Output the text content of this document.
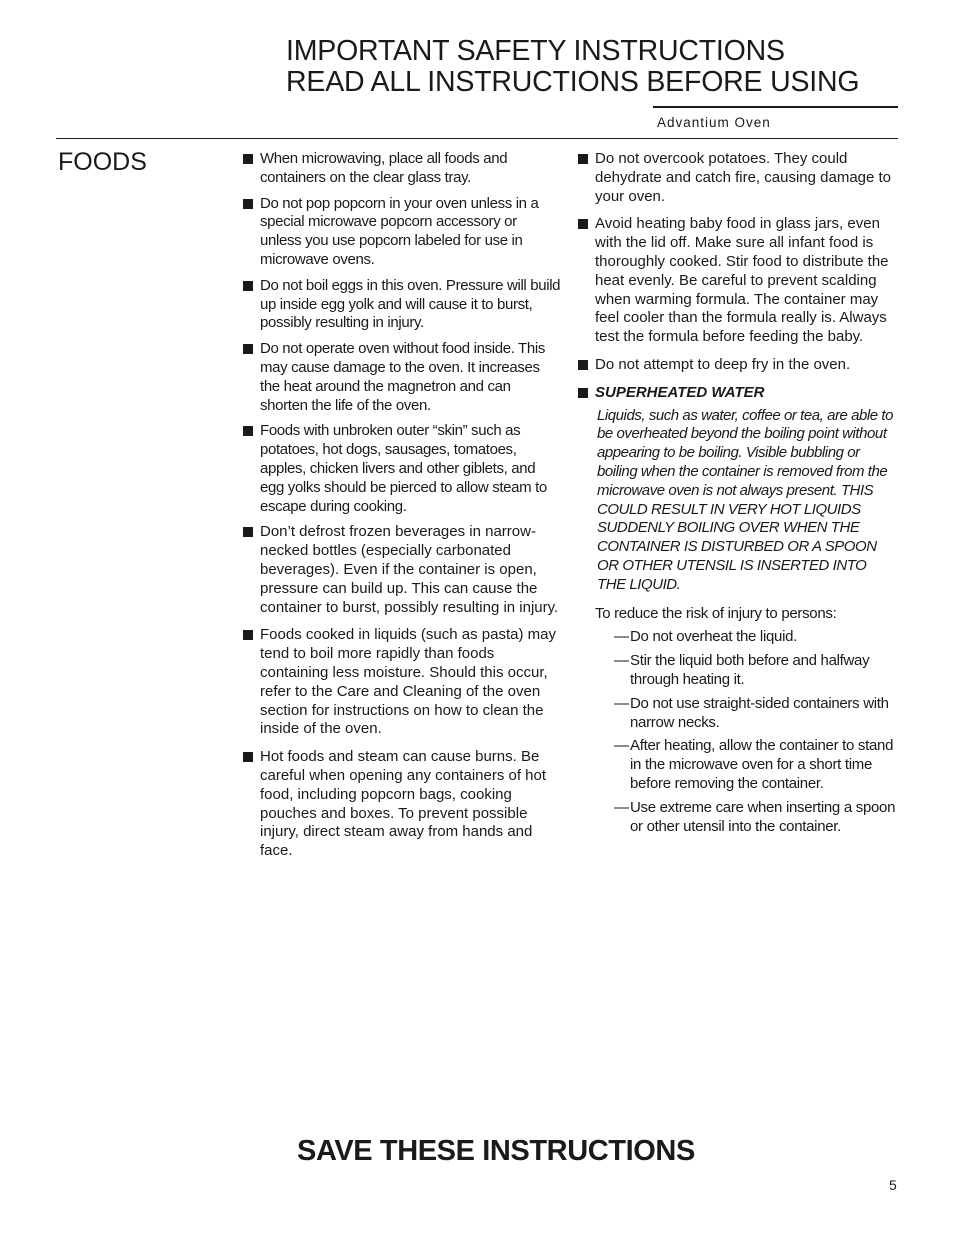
IMPORTANT SAFETY INSTRUCTIONS
READ ALL INSTRUCTIONS BEFORE USING
Advantium Oven
FOODS	When microwaving, place all foods and containers on the clear glass tray.
Do not pop popcorn in your oven unless in a special microwave popcorn accessory or unless you use popcorn labeled for use in microwave ovens.
Do not boil eggs in this oven. Pressure will build up inside egg yolk and will cause it to burst, possibly resulting in injury.
Do not operate oven without food inside. This may cause damage to the oven. It increases the heat around the magnetron and can shorten the life of the oven.
Foods with unbroken outer “skin” such as potatoes, hot dogs, sausages, tomatoes, apples, chicken livers and other giblets, and egg yolks should be pierced to allow steam to escape during cooking.
Don’t defrost frozen beverages in narrow-necked bottles (especially carbonated beverages). Even if the container is open, pressure can build up. This can cause the container to burst, possibly resulting in injury.
Foods cooked in liquids (such as pasta) may tend to boil more rapidly than foods containing less moisture. Should this occur, refer to the Care and Cleaning of the oven section for instructions on how to clean the inside of the oven.
Hot foods and steam can cause burns. Be careful when opening any containers of hot food, including popcorn bags, cooking pouches and boxes. To prevent possible injury, direct steam away from hands and face.
Do not overcook potatoes. They could dehydrate and catch fire, causing damage to your oven.
Avoid heating baby food in glass jars, even with the lid off. Make sure all infant food is thoroughly cooked. Stir food to distribute the heat evenly. Be careful to prevent scalding when warming formula. The container may feel cooler than the formula really is. Always test the formula before feeding the baby.
Do not attempt to deep fry in the oven.
SUPERHEATED WATER
Liquids, such as water, coffee or tea, are able to be overheated beyond the boiling point without appearing to be boiling. Visible bubbling or boiling when the container is removed from the microwave oven is not always present. THIS COULD RESULT IN VERY HOT LIQUIDS SUDDENLY BOILING OVER WHEN THE CONTAINER IS DISTURBED OR A SPOON OR OTHER UTENSIL IS INSERTED INTO THE LIQUID.
To reduce the risk of injury to persons:
— Do not overheat the liquid.
— Stir the liquid both before and halfway through heating it.
— Do not use straight-sided containers with narrow necks.
— After heating, allow the container to stand in the microwave oven for a short time before removing the container.
— Use extreme care when inserting a spoon or other utensil into the container.
SAVE THESE INSTRUCTIONS
5
